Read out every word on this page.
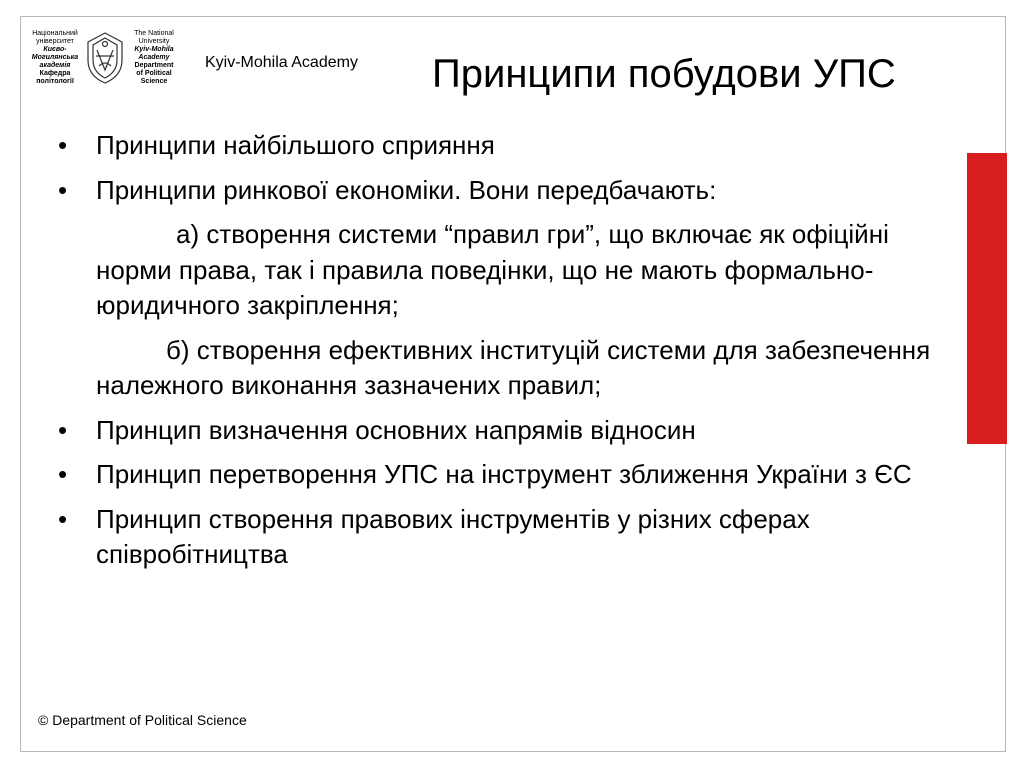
Національний
університет
Києво-
Могилянська
академія
Кафедра
політології
The National
University
Kyiv-Mohila
Academy
Department
of Political
Science
Kyiv-Mohila Academy Принципи побудови УПС
• Принципи найбільшого сприяння
• Принципи ринкової економіки. Вони передбачають:
а) створення системи “правил гри”, що включає як офіційні норми права, так і правила поведінки, що не мають формально-юридичного закріплення;
б) створення ефективних інституцій системи для забезпечення належного виконання зазначених правил;
• Принцип визначення основних напрямів відносин
• Принцип перетворення УПС на інструмент зближення України з ЄС
• Принцип створення правових інструментів у різних сферах співробітництва
© Department of Political Science
